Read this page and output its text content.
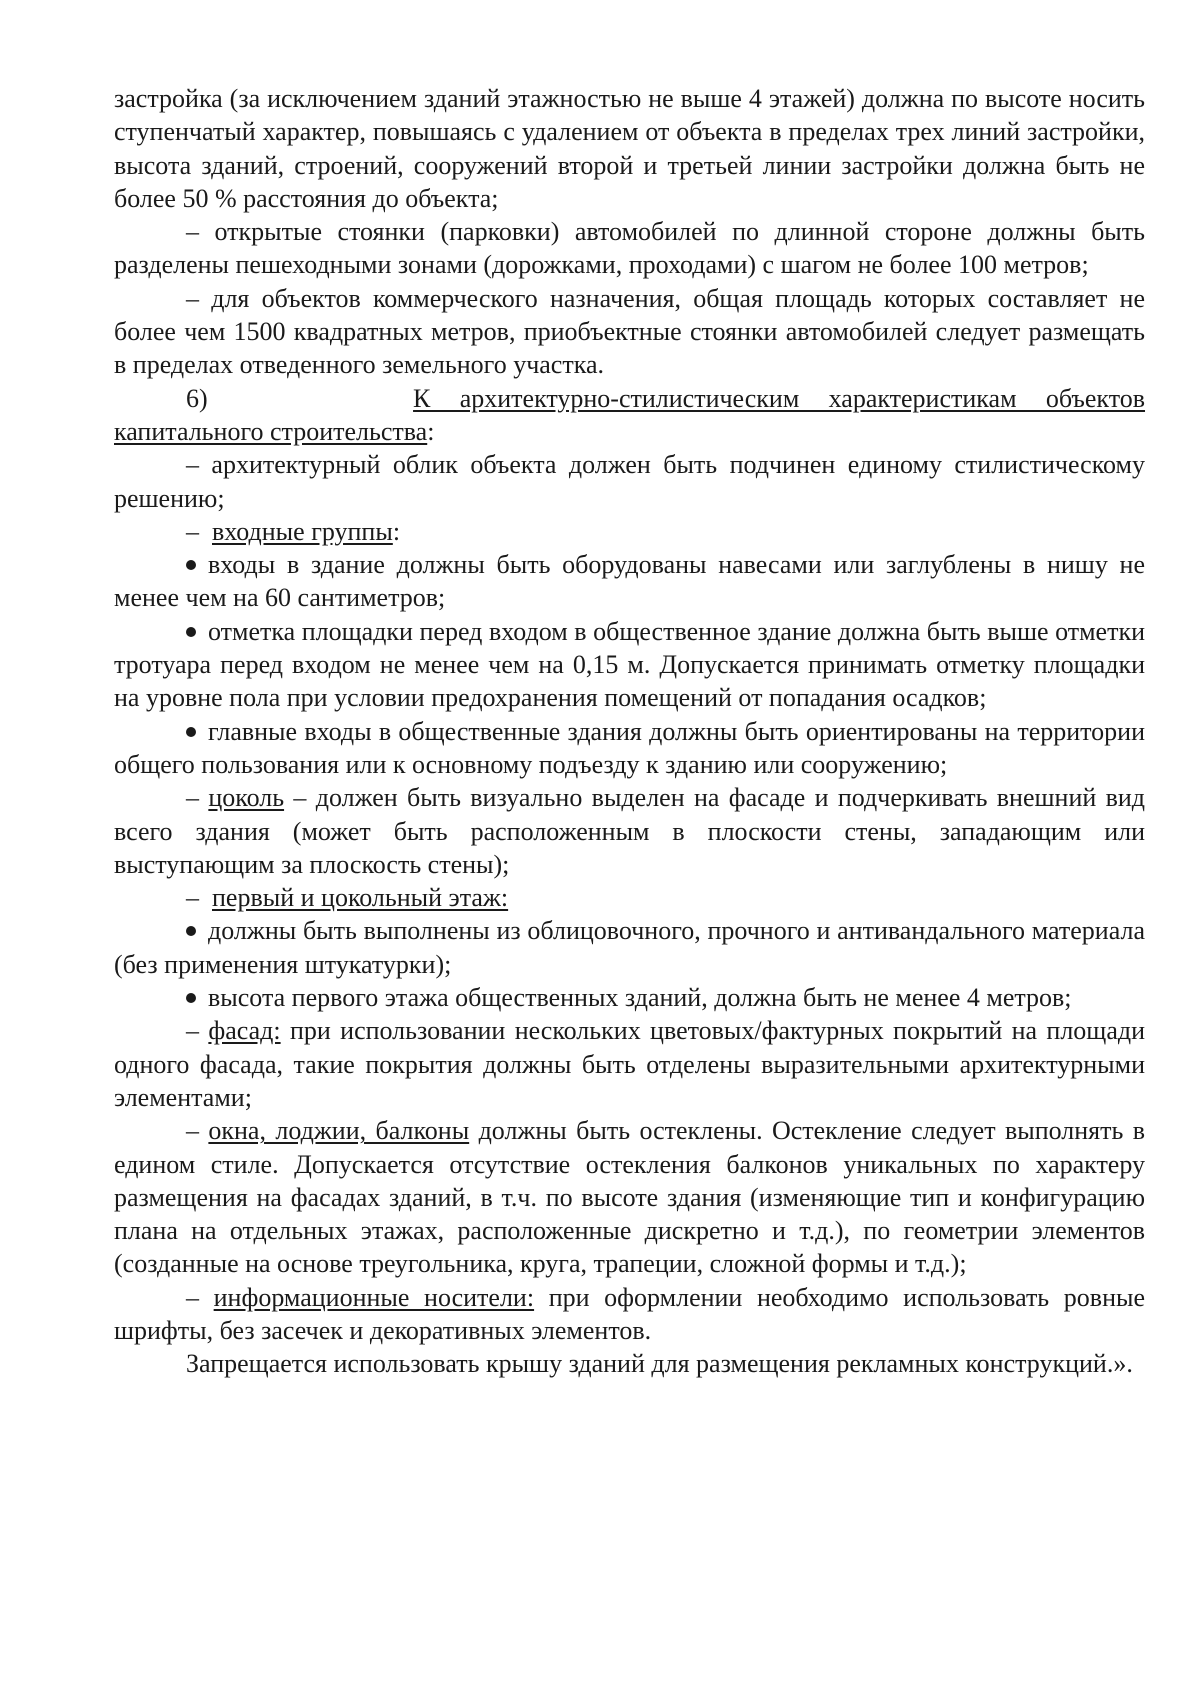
застройка (за исключением зданий этажностью не выше 4 этажей) должна по высоте носить ступенчатый характер, повышаясь с удалением от объекта в пределах трех линий застройки, высота зданий, строений, сооружений второй и третьей линии застройки должна быть не более 50 % расстояния до объекта;

– открытые стоянки (парковки) автомобилей по длинной стороне должны быть разделены пешеходными зонами (дорожками, проходами) с шагом не более 100 метров;

– для объектов коммерческого назначения, общая площадь которых составляет не более чем 1500 квадратных метров, приобъектные стоянки автомобилей следует размещать в пределах отведенного земельного участка.

6)	К архитектурно-стилистическим характеристикам объектов

капитального строительства:

– архитектурный облик объекта должен быть подчинен единому стилистическому решению;

– входные группы:

входы в здание должны быть оборудованы навесами или заглублены в нишу не менее чем на 60 сантиметров;

отметка площадки перед входом в общественное здание должна быть выше отметки тротуара перед входом не менее чем на 0,15 м. Допускается принимать отметку площадки на уровне пола при условии предохранения помещений от попадания осадков;

главные входы в общественные здания должны быть ориентированы на территории общего пользования или к основному подъезду к зданию или сооружению;

– цоколь – должен быть визуально выделен на фасаде и подчеркивать внешний вид всего здания (может быть расположенным в плоскости стены, западающим или выступающим за плоскость стены);

– первый и цокольный этаж:

должны быть выполнены из облицовочного, прочного и антивандального материала (без применения штукатурки);

высота первого этажа общественных зданий, должна быть не менее 4 метров;

– фасад: при использовании нескольких цветовых/фактурных покрытий на площади одного фасада, такие покрытия должны быть отделены выразительными архитектурными элементами;

– окна, лоджии, балконы должны быть остеклены. Остекление следует выполнять в едином стиле. Допускается отсутствие остекления балконов уникальных по характеру размещения на фасадах зданий, в т.ч. по высоте здания (изменяющие тип и конфигурацию плана на отдельных этажах, расположенные дискретно и т.д.), по геометрии элементов (созданные на основе треугольника, круга, трапеции, сложной формы и т.д.);

– информационные носители: при оформлении необходимо использовать ровные шрифты, без засечек и декоративных элементов.

Запрещается использовать крышу зданий для размещения рекламных конструкций.».
